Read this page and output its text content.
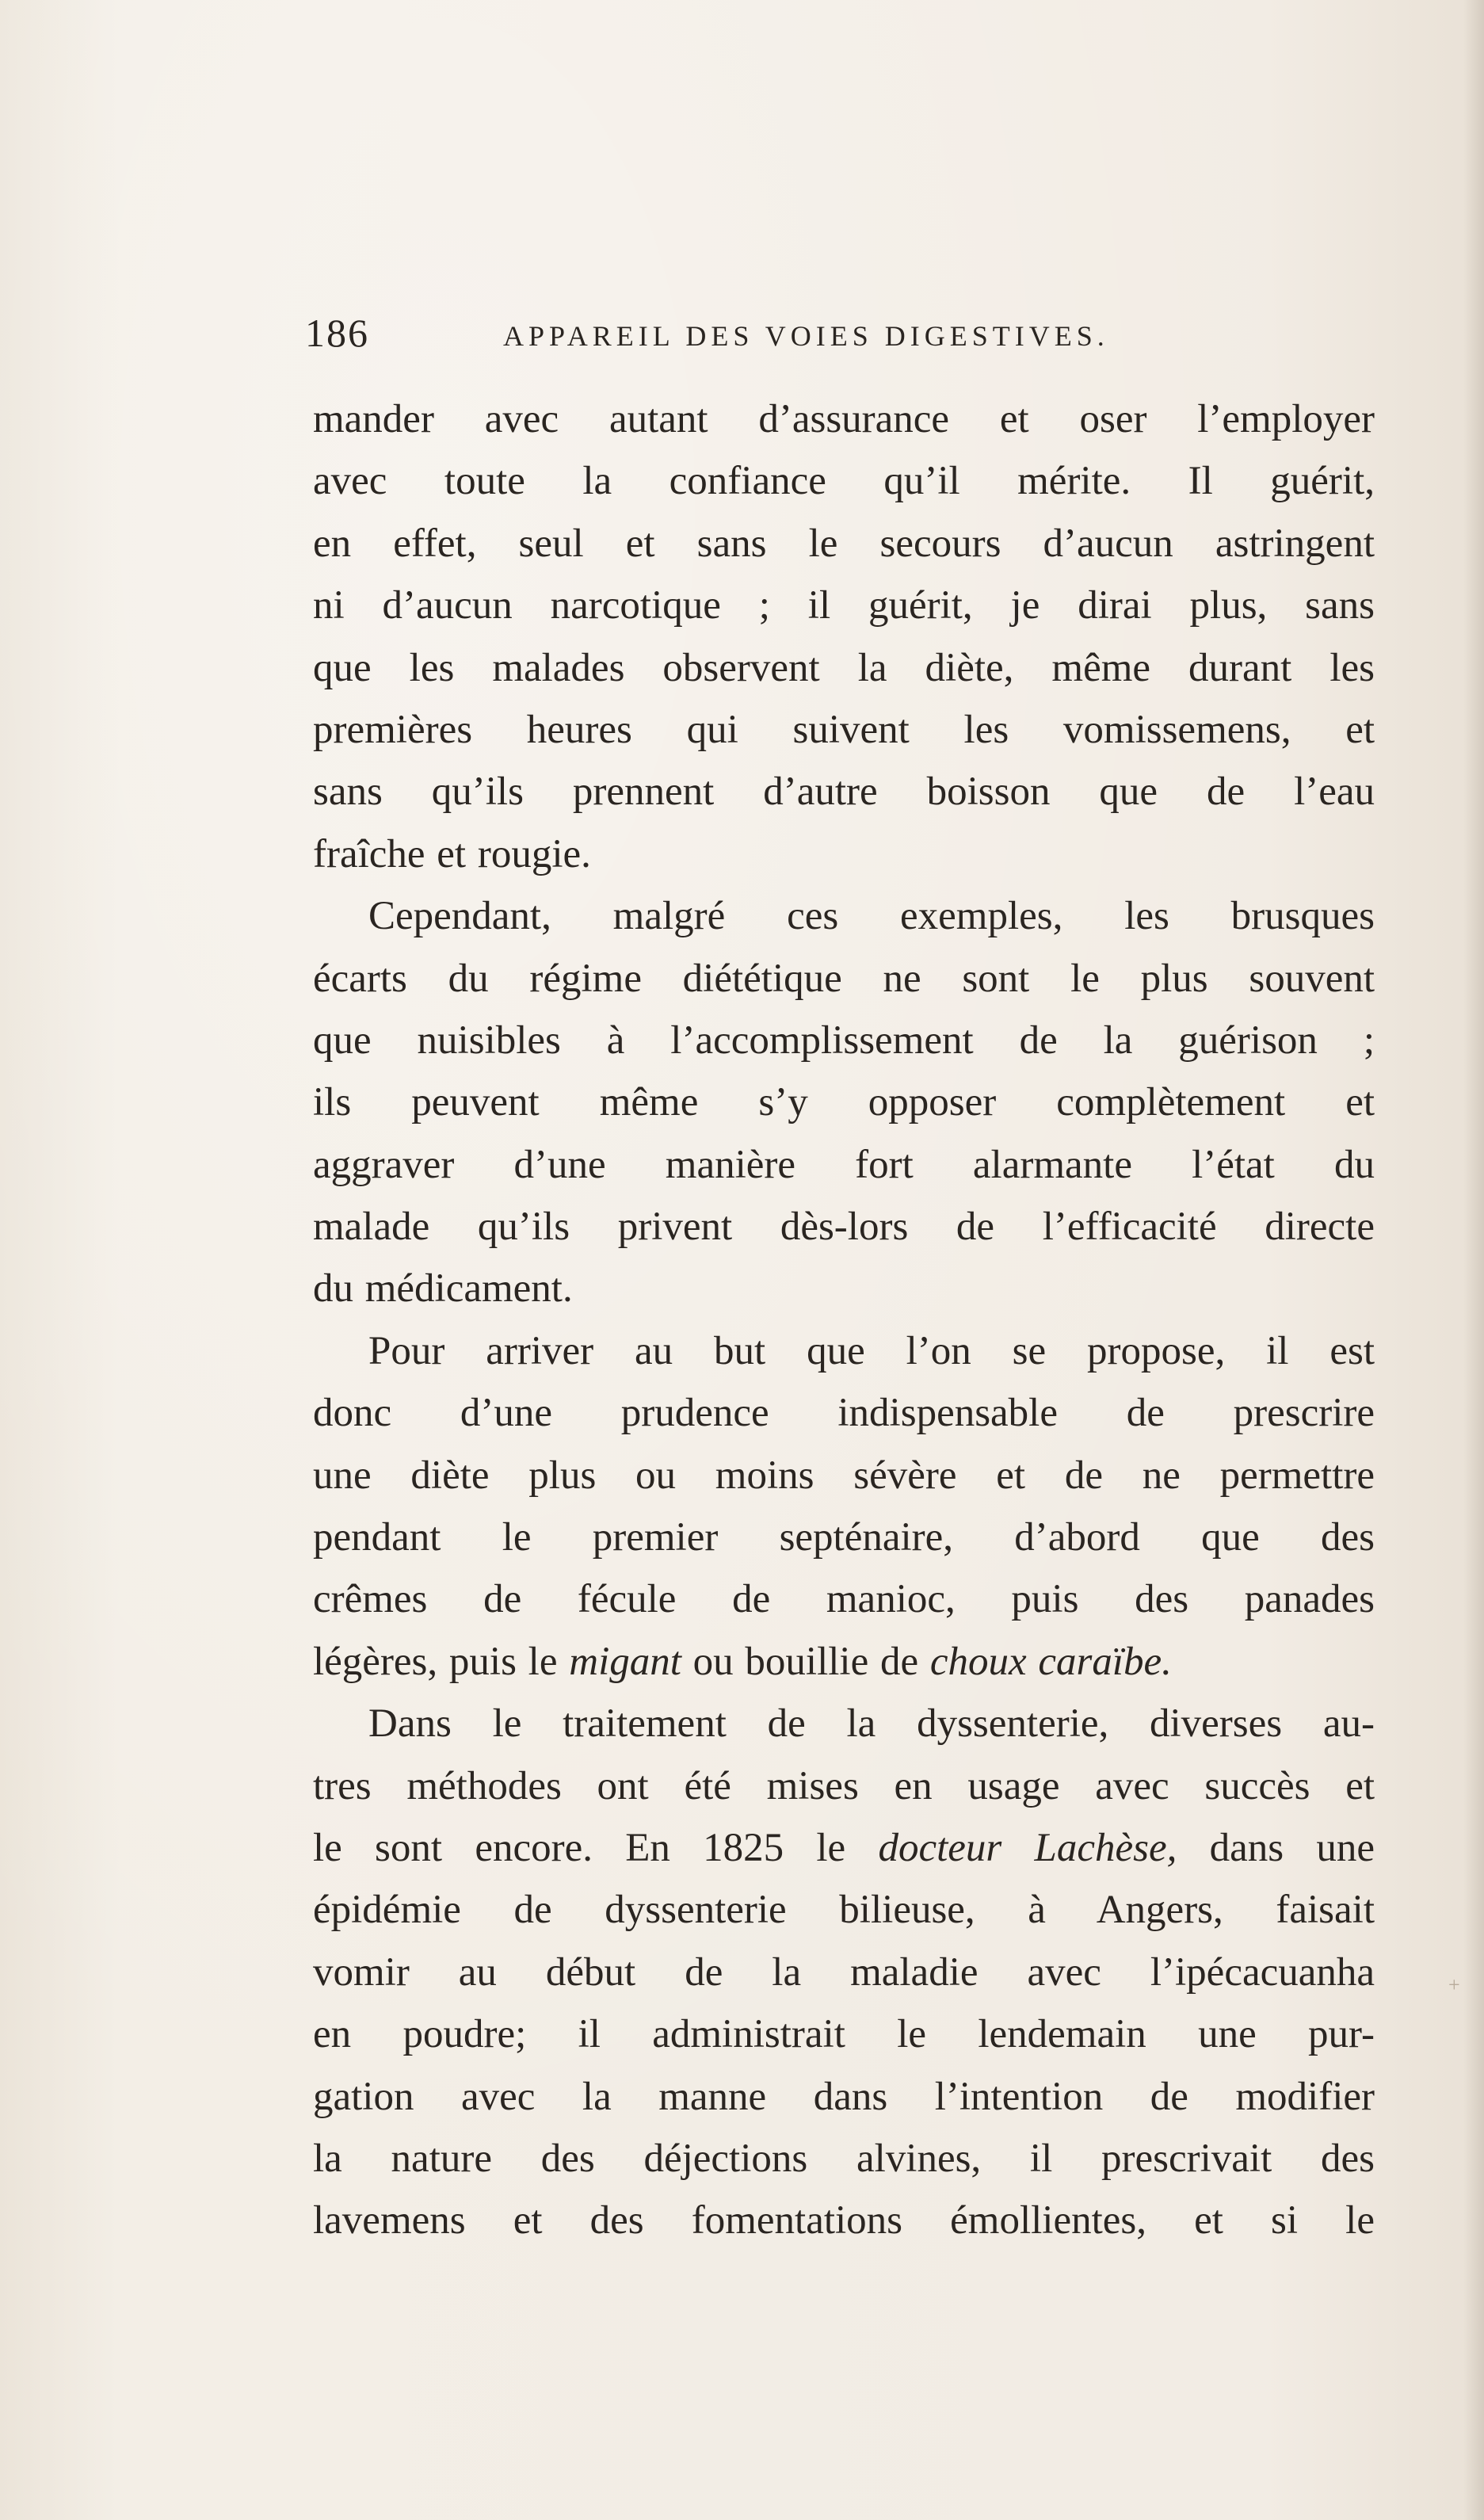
186	APPAREIL DES VOIES DIGESTIVES.
mander avec autant d’assurance et oser l’employer
avec toute la confiance qu’il mérite. Il guérit,
en effet, seul et sans le secours d’aucun astringent
ni d’aucun narcotique ; il guérit, je dirai plus, sans
que les malades observent la diète, même durant les
premières heures qui suivent les vomissemens, et
sans qu’ils prennent d’autre boisson que de l’eau
fraîche et rougie.
Cependant, malgré ces exemples, les brusques
écarts du régime diététique ne sont le plus souvent
que nuisibles à l’accomplissement de la guérison ;
ils peuvent même s’y opposer complètement et
aggraver d’une manière fort alarmante l’état du
malade qu’ils privent dès-lors de l’efficacité directe
du médicament.
Pour arriver au but que l’on se propose, il est
donc d’une prudence indispensable de prescrire
une diète plus ou moins sévère et de ne permettre
pendant le premier septénaire, d’abord que des
crêmes de fécule de manioc, puis des panades
légères, puis le migant ou bouillie de choux caraïbe.
Dans le traitement de la dyssenterie, diverses au-
tres méthodes ont été mises en usage avec succès et
le sont encore. En 1825 le docteur Lachèse, dans une
épidémie de dyssenterie bilieuse, à Angers, faisait
vomir au début de la maladie avec l’ipécacuanha
en poudre; il administrait le lendemain une pur-
gation avec la manne dans l’intention de modifier
la nature des déjections alvines, il prescrivait des
lavemens et des fomentations émollientes, et si le
+
